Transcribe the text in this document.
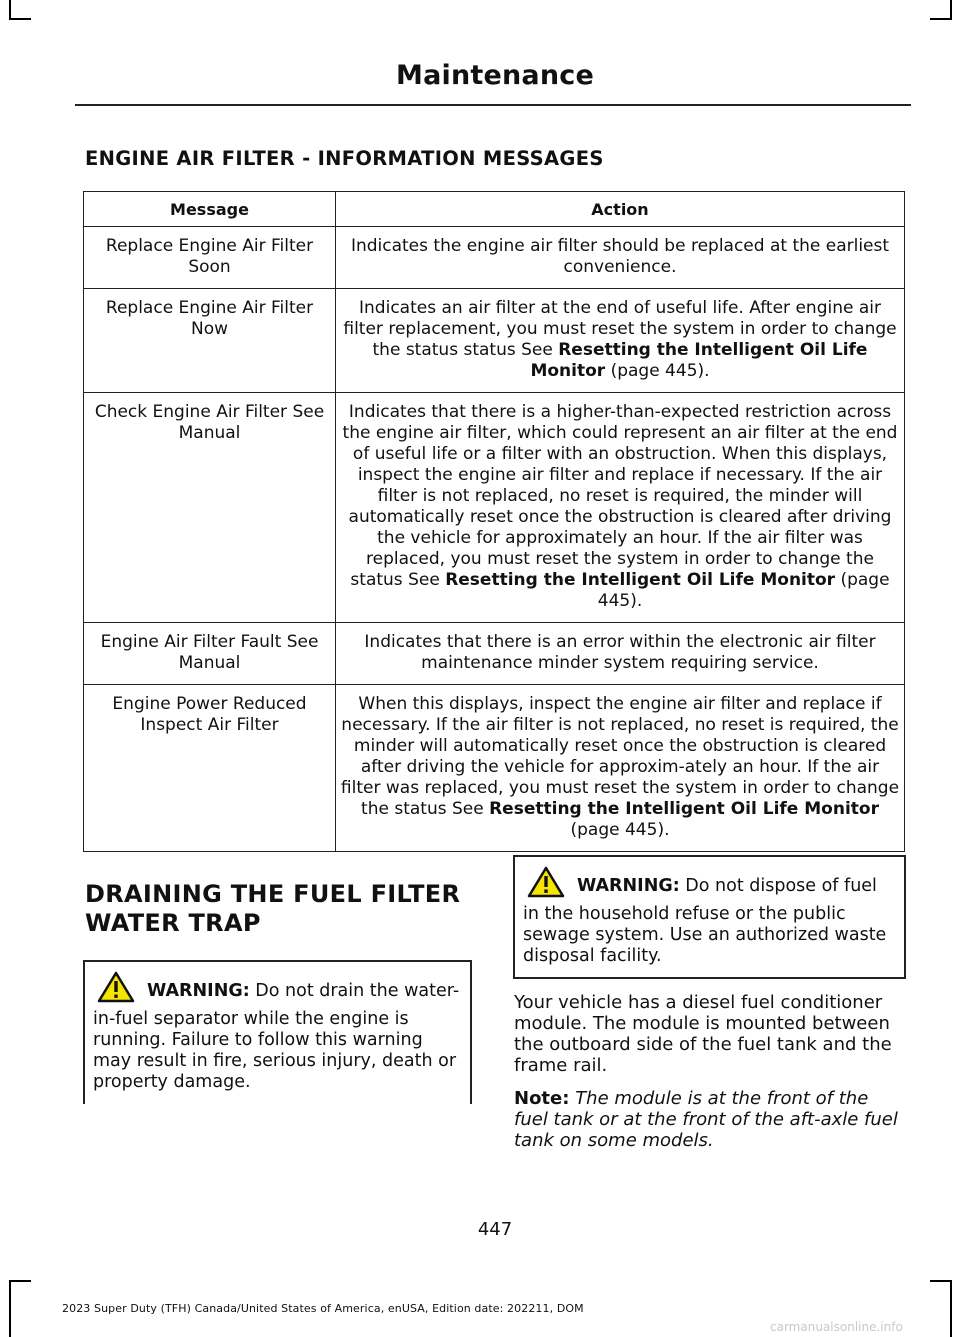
Maintenance
ENGINE AIR FILTER - INFORMATION MESSAGES
Message	Action
Replace Engine Air Filter Soon	Indicates the engine air filter should be replaced at the earliest convenience.
Replace Engine Air Filter Now	Indicates an air filter at the end of useful life. After engine air filter replacement, you must reset the system in order to change the status status See Resetting the Intelligent Oil Life Monitor (page 445).
Check Engine Air Filter See Manual	Indicates that there is a higher-than-expected restriction across the engine air filter, which could represent an air filter at the end of useful life or a filter with an obstruction. When this displays, inspect the engine air filter and replace if necessary. If the air filter is not replaced, no reset is required, the minder will automatically reset once the obstruction is cleared after driving the vehicle for approximately an hour. If the air filter was replaced, you must reset the system in order to change the status See Resetting the Intelligent Oil Life Monitor (page 445).
Engine Air Filter Fault See Manual	Indicates that there is an error within the electronic air filter maintenance minder system requiring service.
Engine Power Reduced Inspect Air Filter	When this displays, inspect the engine air filter and replace if necessary. If the air filter is not replaced, no reset is required, the minder will automatically reset once the obstruction is cleared after driving the vehicle for approxim-ately an hour. If the air filter was replaced, you must reset the system in order to change the status See Resetting the Intelligent Oil Life Monitor (page 445).
DRAINING THE FUEL FILTER
WATER TRAP
WARNING: Do not drain the water-in-fuel separator while the engine is running. Failure to follow this warning may result in fire, serious injury, death or property damage.
WARNING: Do not dispose of fuel in the household refuse or the public sewage system. Use an authorized waste disposal facility.
Your vehicle has a diesel fuel conditioner module. The module is mounted between the outboard side of the fuel tank and the frame rail.
Note: The module is at the front of the fuel tank or at the front of the aft-axle fuel tank on some models.
447
2023 Super Duty (TFH) Canada/United States of America, enUSA, Edition date: 202211, DOM
carmanualsonline.info
